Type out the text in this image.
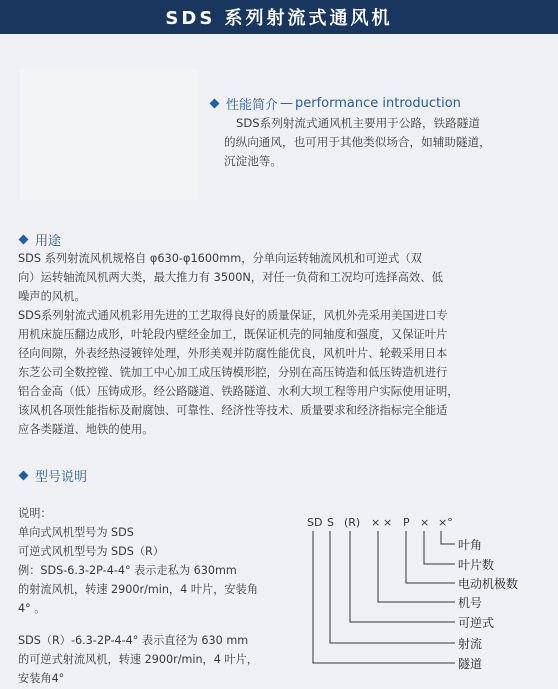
SDS 系列射流式通风机
性能简介 — performance introduction

SDS系列射流式通风机主要用于公路，铁路隧道

的纵向通风，也可用于其他类似场合，如辅助隧道，

沉淀池等。

用途

SDS 系列射流风机规格自 φ630-φ1600mm，分单向运转轴流风机和可逆式（双

向）运转轴流风机两大类，最大推力有 3500N，对任一负荷和工况均可选择高效、低

噪声的风机。

SDS系列射流式通风机彩用先进的工艺取得良好的质量保证，风机外壳采用美国进口专

用机床旋压翻边成形，叶轮段内壁经金加工，既保证机壳的同轴度和强度，又保证叶片

径向间隙，外表经热浸镀锌处理，外形美观并防腐性能优良，风机叶片、轮毂采用日本

东芝公司全数控镗、铣加工中心加工成压铸模形腔，分别在高压铸造和低压铸造机进行

铝合金高（低）压铸成形。经公路隧道、铁路隧道、水利大坝工程等用户实际使用证明，

该风机各项性能指标及耐腐蚀、可靠性、经济性等技术、质量要求和经济指标完全能适

应各类隧道、地铁的使用。

型号说明

说明：

单向式风机型号为 SDS

可逆式风机型号为 SDS（R）

例：SDS-6.3-2P-4-4° 表示走私为 630mm

的射流风机，转速 2900r/min，4 叶片，安装角

4° 。

SDS（R）-6.3-2P-4-4° 表示直径为 630 mm

的可逆式射流风机，转速 2900r/min，4 叶片，

安装角4°

SD S (R) × × P × ×°
叶角
叶片数
电动机极数
机号
可逆式
射流
隧道
